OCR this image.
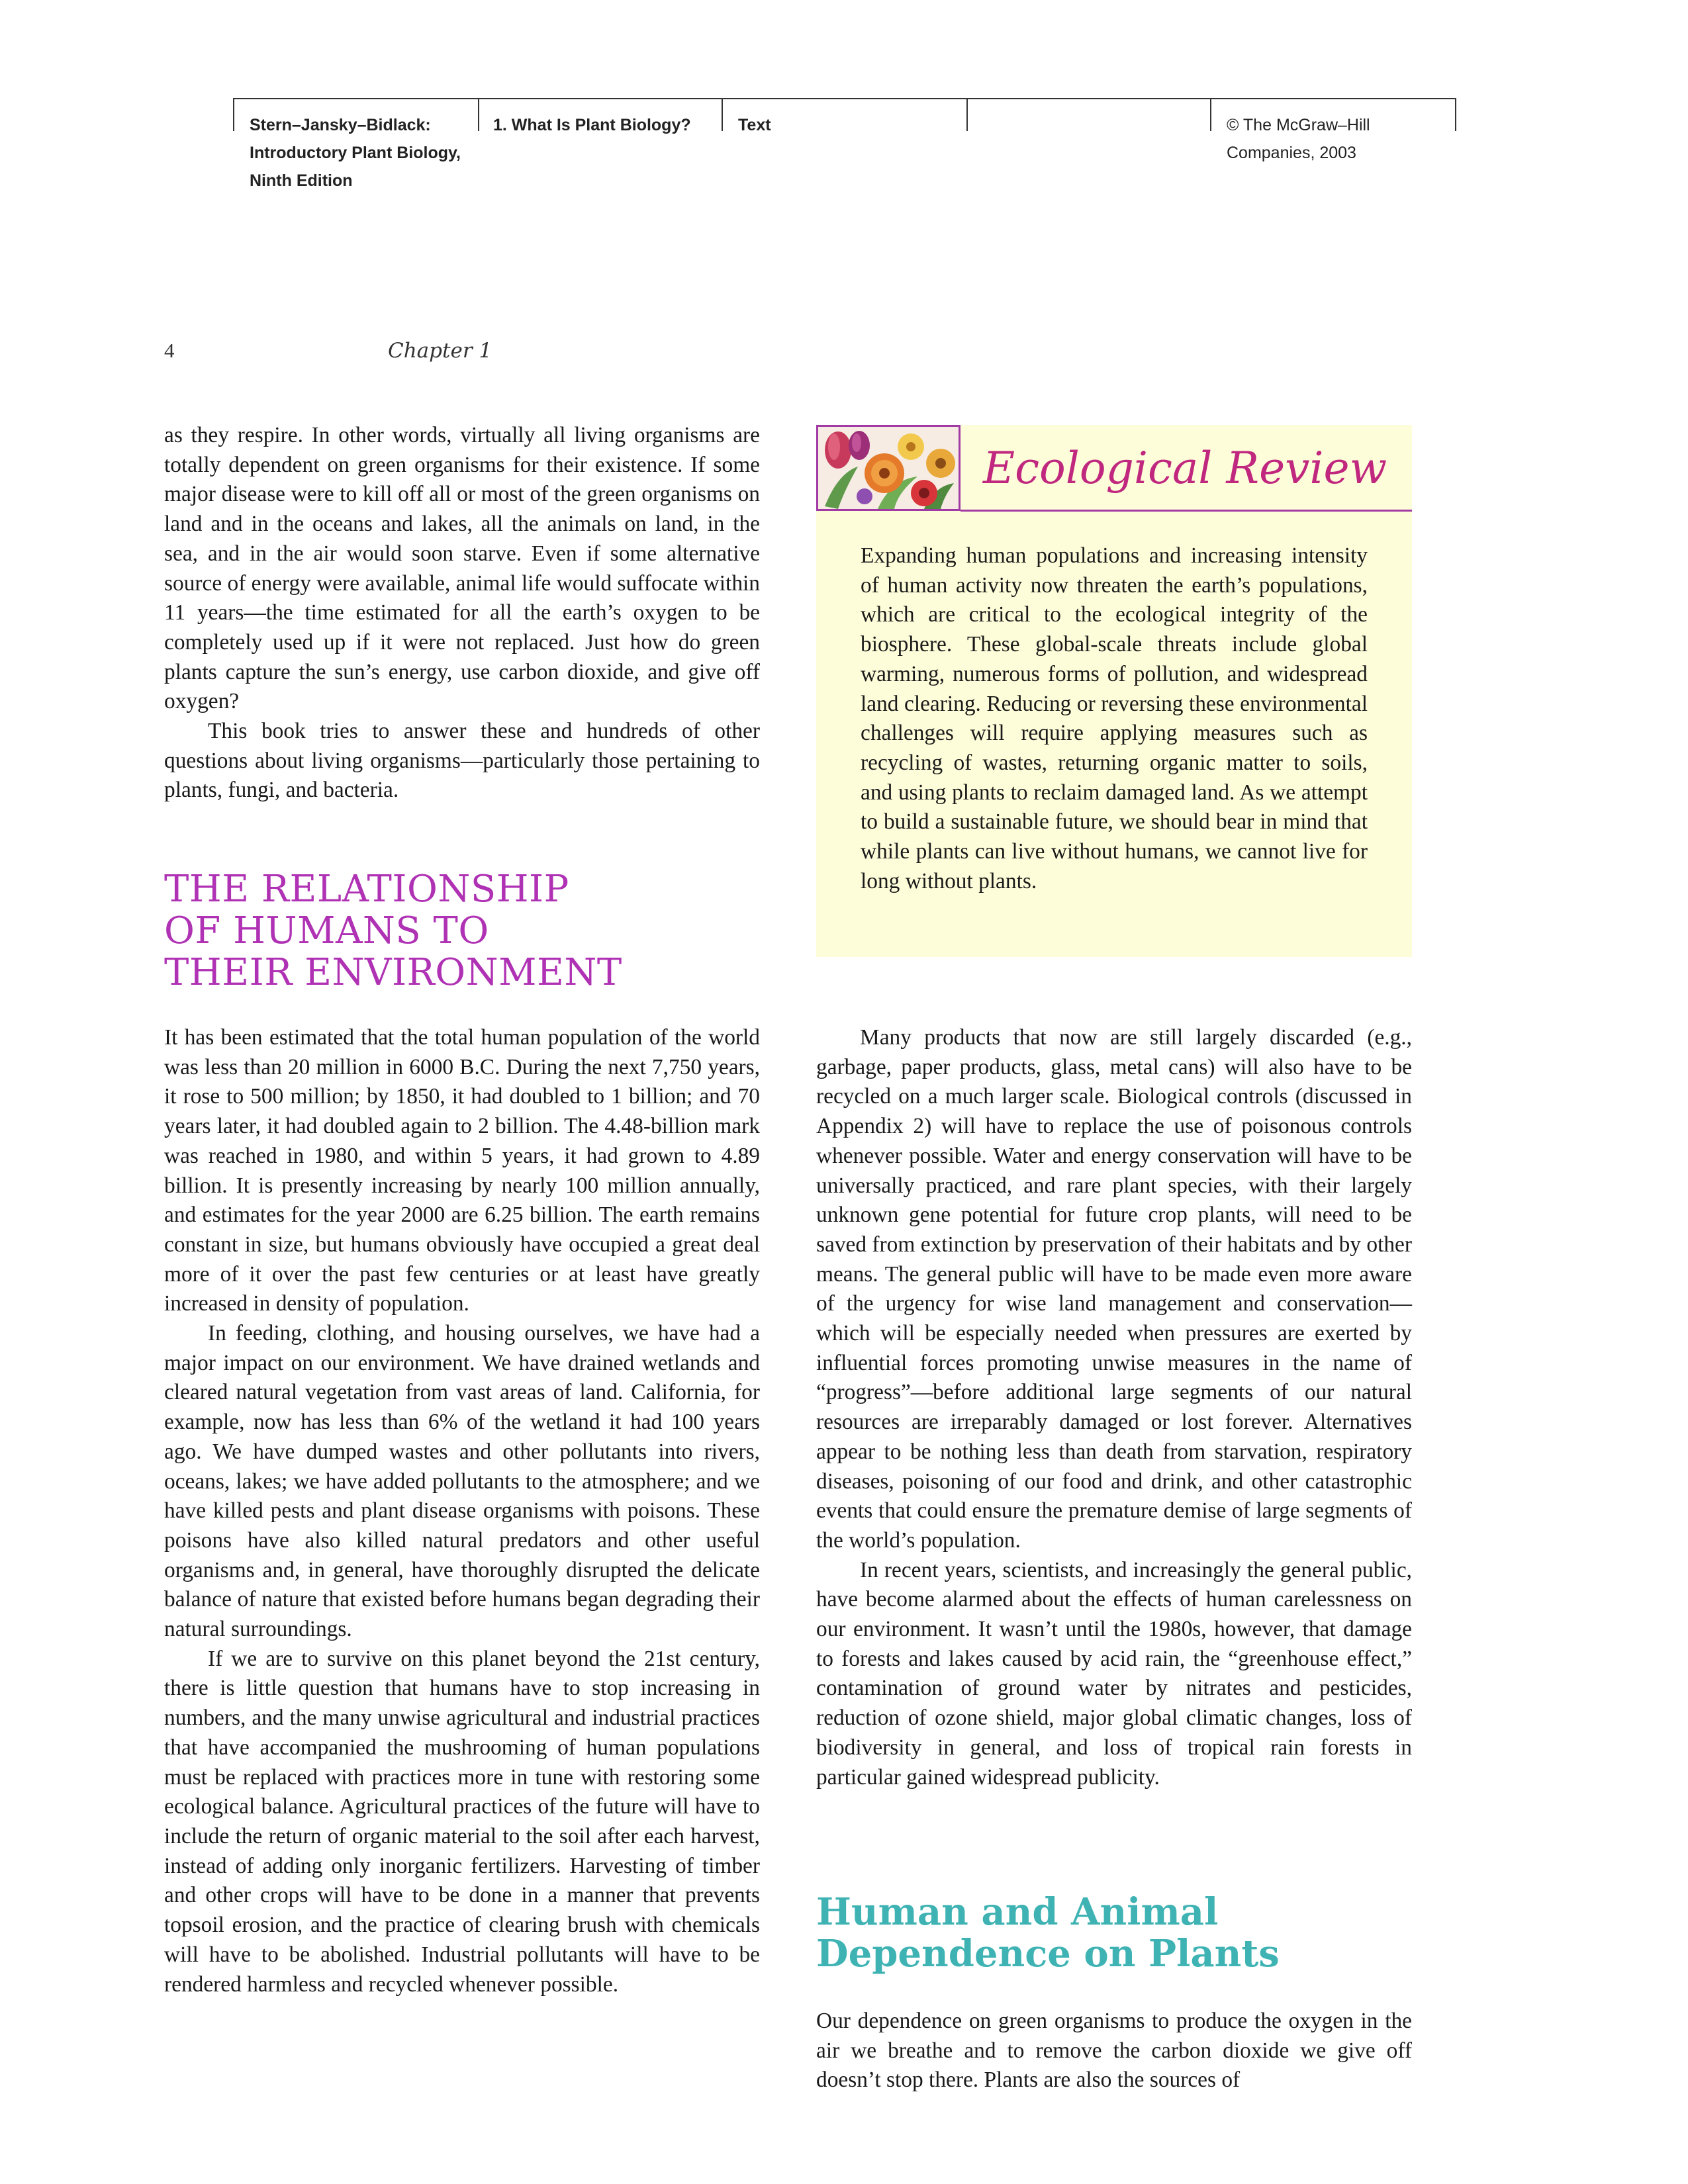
Stern–Jansky–Bidlack:
Introductory Plant Biology,
Ninth Edition
1. What Is Plant Biology?	Text	© The McGraw–Hill
Companies, 2003
4	Chapter 1

as they respire. In other words, virtually all living organisms are totally dependent on green organisms for their existence. If some major disease were to kill off all or most of the green organisms on land and in the oceans and lakes, all the animals on land, in the sea, and in the air would soon starve. Even if some alternative source of energy were available, animal life would suffocate within 11 years—the time estimated for all the earth’s oxygen to be completely used up if it were not replaced. Just how do green plants capture the sun’s energy, use carbon dioxide, and give off oxygen?

This book tries to answer these and hundreds of other questions about living organisms—particularly those pertaining to plants, fungi, and bacteria.

THE RELATIONSHIP
OF HUMANS TO
THEIR ENVIRONMENT

It has been estimated that the total human population of the world was less than 20 million in 6000 B.C. During the next 7,750 years, it rose to 500 million; by 1850, it had doubled to 1 billion; and 70 years later, it had doubled again to 2 billion. The 4.48-billion mark was reached in 1980, and within 5 years, it had grown to 4.89 billion. It is presently increasing by nearly 100 million annually, and estimates for the year 2000 are 6.25 billion. The earth remains constant in size, but humans obviously have occupied a great deal more of it over the past few centuries or at least have greatly increased in density of population.

In feeding, clothing, and housing ourselves, we have had a major impact on our environment. We have drained wetlands and cleared natural vegetation from vast areas of land. California, for example, now has less than 6% of the wetland it had 100 years ago. We have dumped wastes and other pollutants into rivers, oceans, lakes; we have added pollutants to the atmosphere; and we have killed pests and plant disease organisms with poisons. These poisons have also killed natural predators and other useful organisms and, in general, have thoroughly disrupted the delicate balance of nature that existed before humans began degrading their natural surroundings.

If we are to survive on this planet beyond the 21st century, there is little question that humans have to stop increasing in numbers, and the many unwise agricultural and industrial practices that have accompanied the mushrooming of human populations must be replaced with practices more in tune with restoring some ecological balance. Agricultural practices of the future will have to include the return of organic material to the soil after each harvest, instead of adding only inorganic fertilizers. Harvesting of timber and other crops will have to be done in a manner that prevents topsoil erosion, and the practice of clearing brush with chemicals will have to be abolished. Industrial pollutants will have to be rendered harmless and recycled whenever possible.

Ecological Review
Expanding human populations and increasing intensity of human activity now threaten the earth’s populations, which are critical to the ecological integrity of the biosphere. These global-scale threats include global warming, numerous forms of pollution, and widespread land clearing. Reducing or reversing these environmental challenges will require applying measures such as recycling of wastes, returning organic matter to soils, and using plants to reclaim damaged land. As we attempt to build a sustainable future, we should bear in mind that while plants can live without humans, we cannot live for long without plants.

Many products that now are still largely discarded (e.g., garbage, paper products, glass, metal cans) will also have to be recycled on a much larger scale. Biological controls (discussed in Appendix 2) will have to replace the use of poisonous controls whenever possible. Water and energy conservation will have to be universally practiced, and rare plant species, with their largely unknown gene potential for future crop plants, will need to be saved from extinction by preservation of their habitats and by other means. The general public will have to be made even more aware of the urgency for wise land management and conservation—which will be especially needed when pressures are exerted by influential forces promoting unwise measures in the name of “progress”—before additional large segments of our natural resources are irreparably damaged or lost forever. Alternatives appear to be nothing less than death from starvation, respiratory diseases, poisoning of our food and drink, and other catastrophic events that could ensure the premature demise of large segments of the world’s population.

In recent years, scientists, and increasingly the general public, have become alarmed about the effects of human carelessness on our environment. It wasn’t until the 1980s, however, that damage to forests and lakes caused by acid rain, the “greenhouse effect,” contamination of ground water by nitrates and pesticides, reduction of ozone shield, major global climatic changes, loss of biodiversity in general, and loss of tropical rain forests in particular gained widespread publicity.

Human and Animal
Dependence on Plants

Our dependence on green organisms to produce the oxygen in the air we breathe and to remove the carbon dioxide we give off doesn’t stop there. Plants are also the sources of
